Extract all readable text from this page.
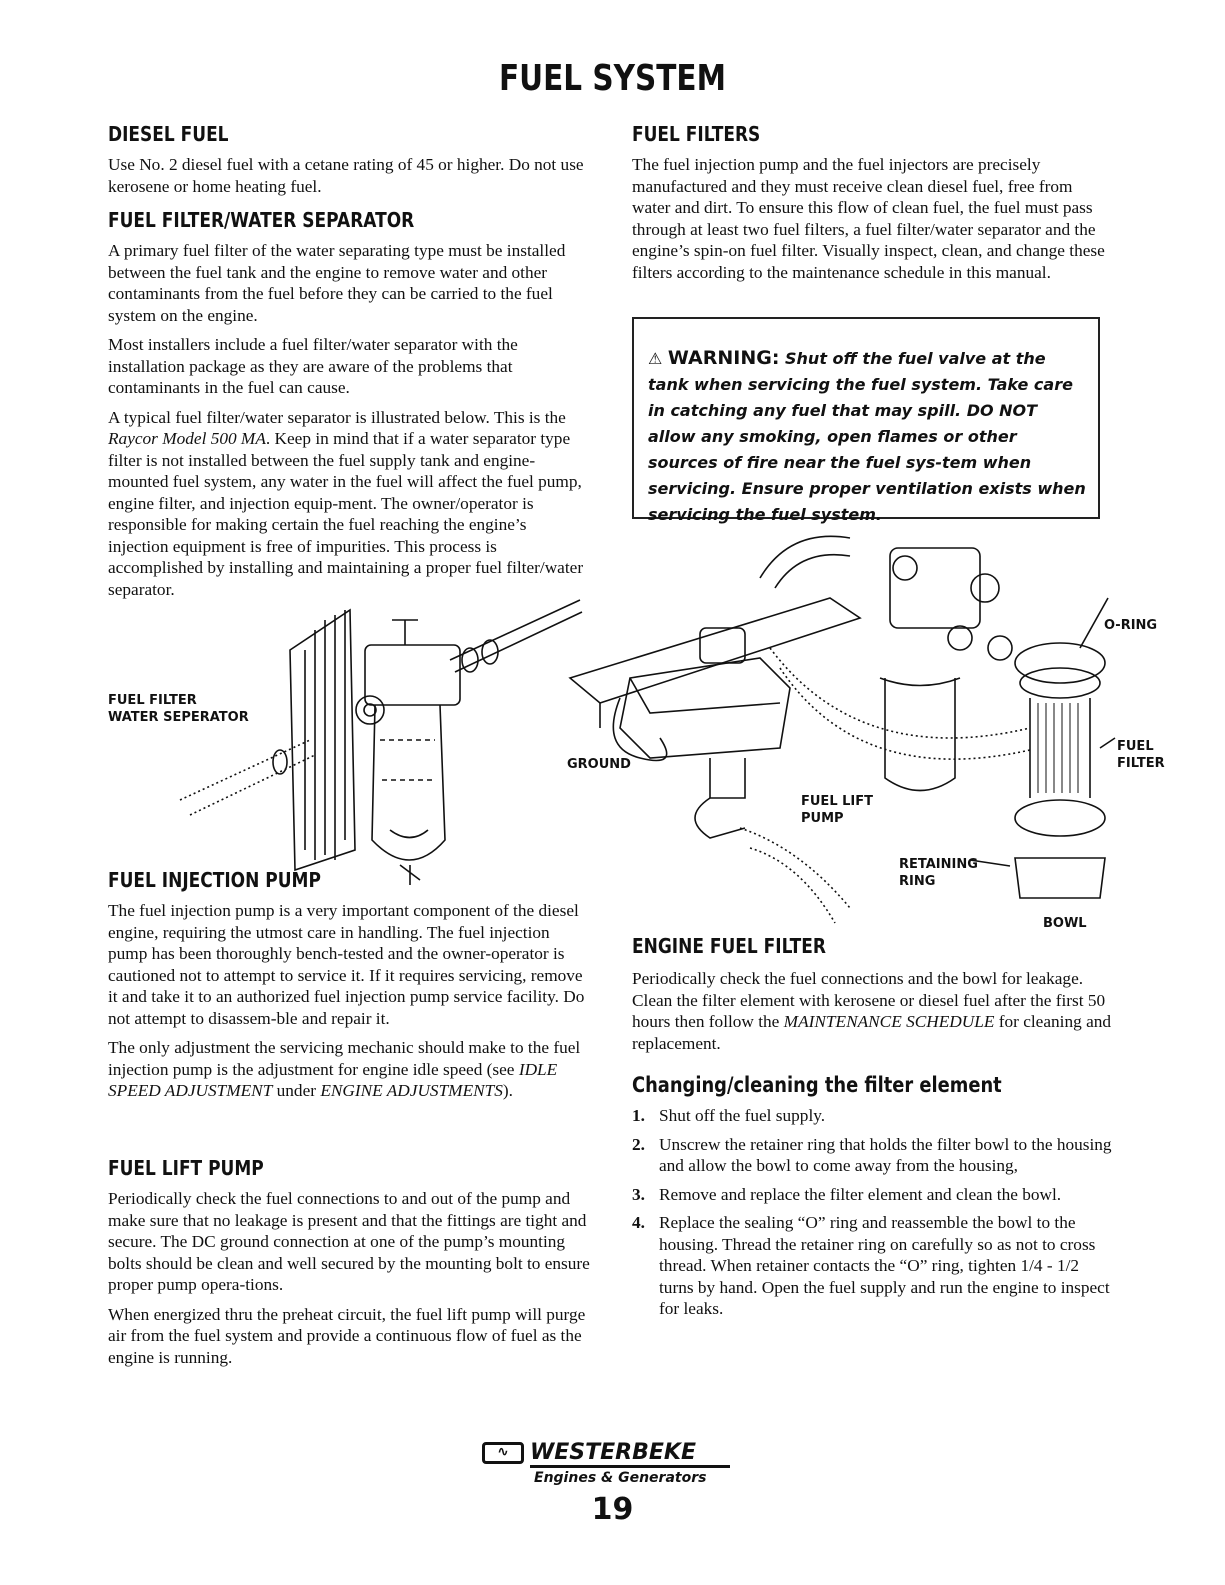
FUEL SYSTEM
DIESEL FUEL

Use No. 2 diesel fuel with a cetane rating of 45 or higher. Do not use kerosene or home heating fuel.

FUEL FILTER/WATER SEPARATOR

A primary fuel filter of the water separating type must be installed between the fuel tank and the engine to remove water and other contaminants from the fuel before they can be carried to the fuel system on the engine.

Most installers include a fuel filter/water separator with the installation package as they are aware of the problems that contaminants in the fuel can cause.

A typical fuel filter/water separator is illustrated below. This is the Raycor Model 500 MA. Keep in mind that if a water separator type filter is not installed between the fuel supply tank and engine-mounted fuel system, any water in the fuel will affect the fuel pump, engine filter, and injection equip-ment. The owner/operator is responsible for making certain the fuel reaching the engine’s injection equipment is free of impurities. This process is accomplished by installing and maintaining a proper fuel filter/water separator.

FUEL FILTER
WATER SEPERATOR
FUEL INJECTION PUMP

The fuel injection pump is a very important component of the diesel engine, requiring the utmost care in handling. The fuel injection pump has been thoroughly bench-tested and the owner-operator is cautioned not to attempt to service it. If it requires servicing, remove it and take it to an authorized fuel injection pump service facility. Do not attempt to disassem-ble and repair it.

The only adjustment the servicing mechanic should make to the fuel injection pump is the adjustment for engine idle speed (see IDLE SPEED ADJUSTMENT under ENGINE ADJUSTMENTS).

FUEL LIFT PUMP

Periodically check the fuel connections to and out of the pump and make sure that no leakage is present and that the fittings are tight and secure. The DC ground connection at one of the pump’s mounting bolts should be clean and well secured by the mounting bolt to ensure proper pump opera-tions.

When energized thru the preheat circuit, the fuel lift pump will purge air from the fuel system and provide a continuous flow of fuel as the engine is running.

FUEL FILTERS

The fuel injection pump and the fuel injectors are precisely manufactured and they must receive clean diesel fuel, free from water and dirt. To ensure this flow of clean fuel, the fuel must pass through at least two fuel filters, a fuel filter/water separator and the engine’s spin-on fuel filter. Visually inspect, clean, and change these filters according to the maintenance schedule in this manual.

⚠ WARNING: Shut off the fuel valve at the tank when servicing the fuel system. Take care in catching any fuel that may spill. DO NOT allow any smoking, open flames or other sources of fire near the fuel sys-tem when servicing. Ensure proper ventilation exists when servicing the fuel system.
GROUND
FUEL LIFT
PUMP
O-RING
FUEL
FILTER
RETAINING
RING
BOWL
ENGINE FUEL FILTER

Periodically check the fuel connections and the bowl for leakage. Clean the filter element with kerosene or diesel fuel after the first 50 hours then follow the MAINTENANCE SCHEDULE for cleaning and replacement.

Changing/cleaning the filter element
1. Shut off the fuel supply.
2. Unscrew the retainer ring that holds the filter bowl to the housing and allow the bowl to come away from the housing,
3. Remove and replace the filter element and clean the bowl.
4. Replace the sealing “O” ring and reassemble the bowl to the housing. Thread the retainer ring on carefully so as not to cross thread. When retainer contacts the “O” ring, tighten 1/4 - 1/2 turns by hand. Open the fuel supply and run the engine to inspect for leaks.
∿ WESTERBEKE
Engines & Generators
19
